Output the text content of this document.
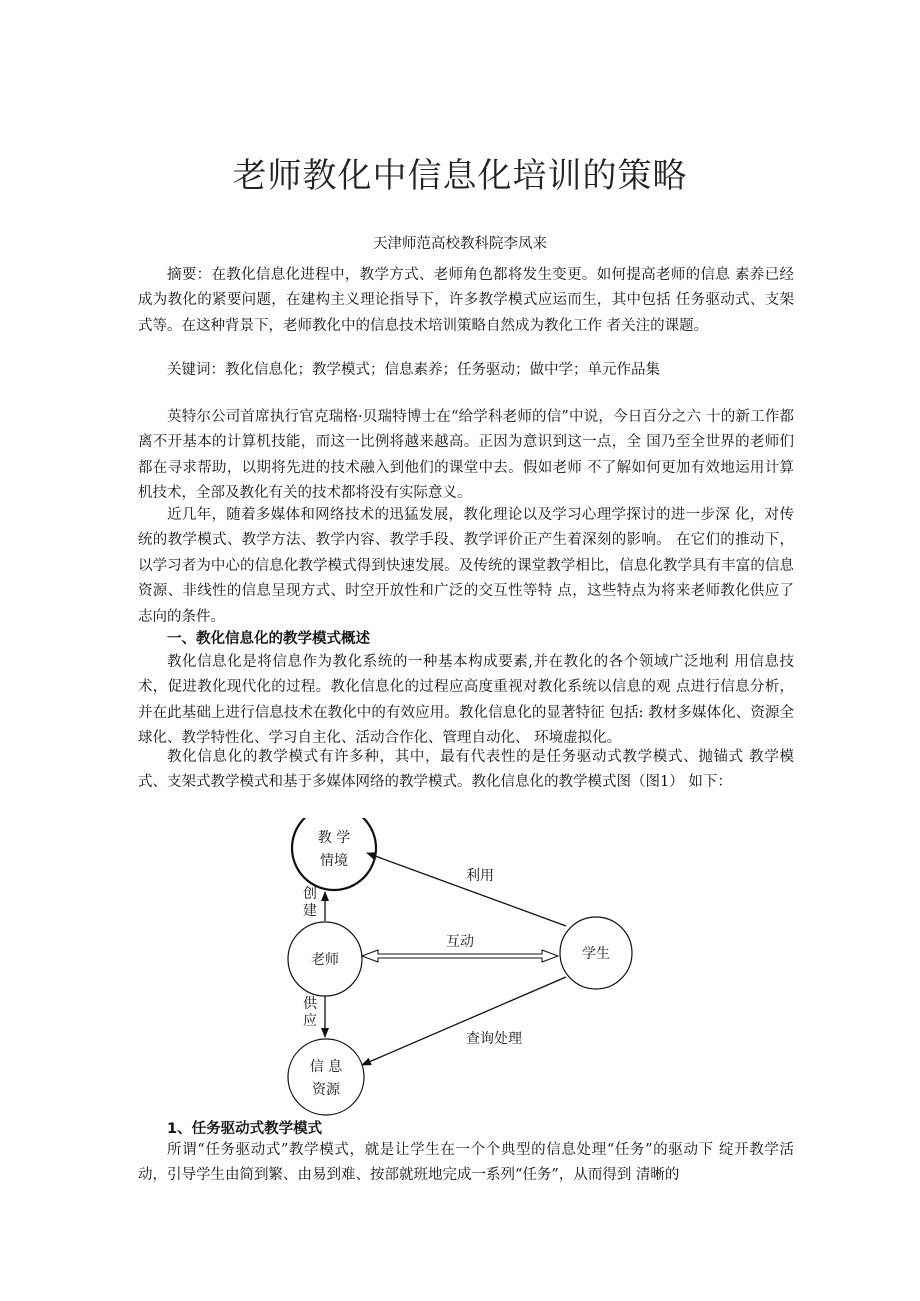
老师教化中信息化培训的策略
天津师范高校教科院李凤来

摘要：在教化信息化进程中，教学方式、老师角色都将发生变更。如何提高老师的信息 素养已经成为教化的紧要问题，在建构主义理论指导下，许多教学模式应运而生，其中包括 任务驱动式、支架式等。在这种背景下，老师教化中的信息技术培训策略自然成为教化工作 者关注的课题。

关键词：教化信息化；教学模式；信息素养；任务驱动；做中学；单元作品集

英特尔公司首席执行官克瑞格·贝瑞特博士在“给学科老师的信”中说，今日百分之六 十的新工作都离不开基本的计算机技能，而这一比例将越来越高。正因为意识到这一点，全 国乃至全世界的老师们都在寻求帮助，以期将先进的技术融入到他们的课堂中去。假如老师 不了解如何更加有效地运用计算机技术，全部及教化有关的技术都将没有实际意义。

近几年，随着多媒体和网络技术的迅猛发展，教化理论以及学习心理学探讨的进一步深 化，对传统的教学模式、教学方法、教学内容、教学手段、教学评价正产生着深刻的影响。 在它们的推动下，以学习者为中心的信息化教学模式得到快速发展。及传统的课堂教学相比，信息化教学具有丰富的信息资源、非线性的信息呈现方式、时空开放性和广泛的交互性等特 点，这些特点为将来老师教化供应了志向的条件。

一、教化信息化的教学模式概述

教化信息化是将信息作为教化系统的一种基本构成要素,并在教化的各个领域广泛地利 用信息技术，促进教化现代化的过程。教化信息化的过程应高度重视对教化系统以信息的观 点进行信息分析，并在此基础上进行信息技术在教化中的有效应用。教化信息化的显著特征 包括: 教材多媒体化、资源全球化、教学特性化、学习自主化、活动合作化、管理自动化、 环境虚拟化。

教化信息化的教学模式有许多种，其中，最有代表性的是任务驱动式教学模式、抛锚式 教学模式、支架式教学模式和基于多媒体网络的教学模式。教化信息化的教学模式图（图1） 如下：

教 学
情境
老师	学生
信 息
资源
利用
互动
查询处理
创
建
供
应
1、任务驱动式教学模式

所谓“任务驱动式”教学模式，就是让学生在一个个典型的信息处理“任务”的驱动下 绽开教学活动，引导学生由简到繁、由易到难、按部就班地完成一系列“任务”，从而得到 清晰的
